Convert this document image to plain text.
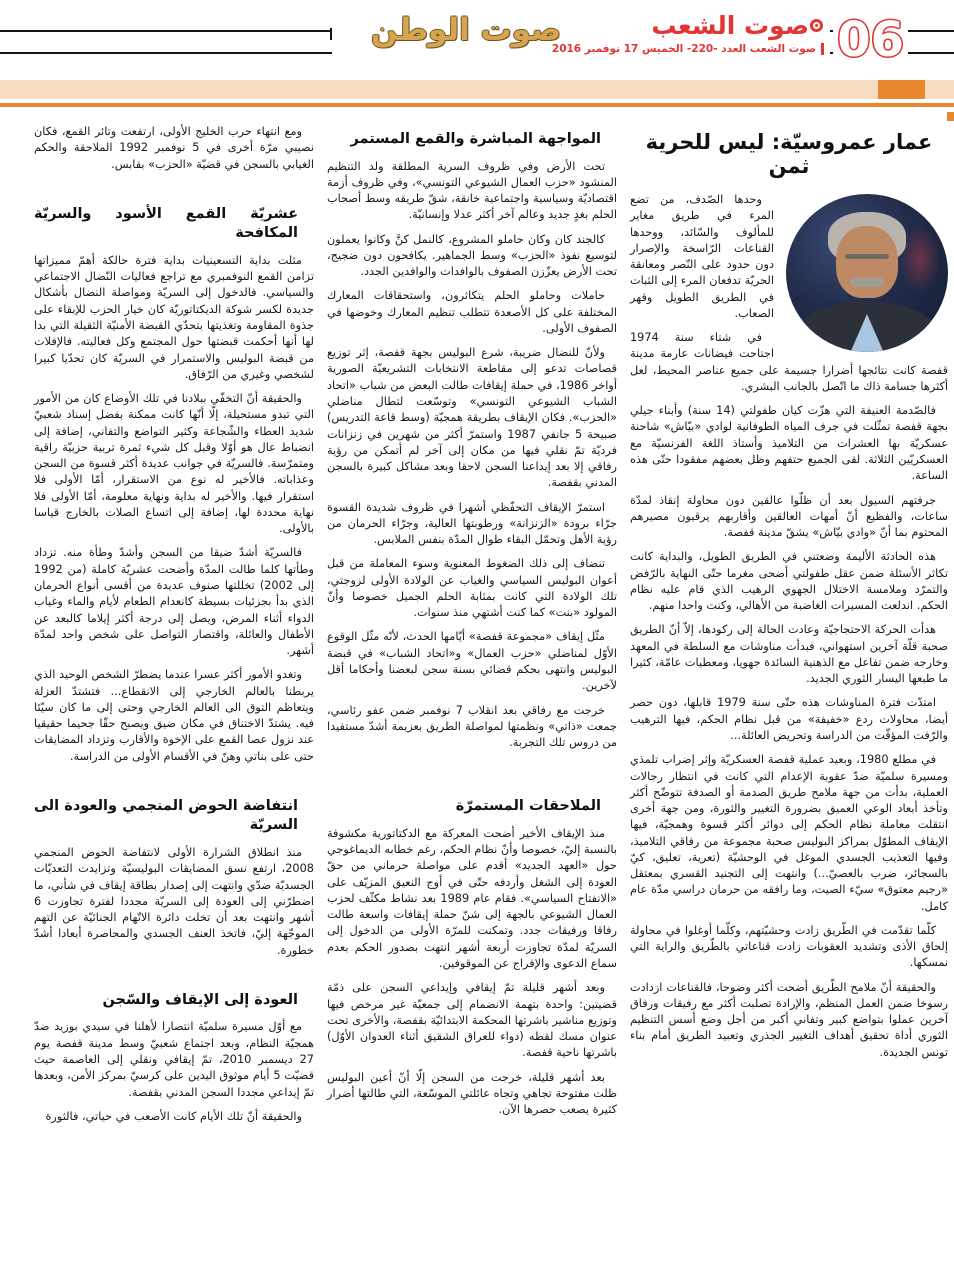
صوت الوطن	صوت الشعب
صوت الشعب العدد -220- الخميس 17 نوفمبر 2016 06
عمار عمروسيّة: ليس للحرية ثمن

وحدها الصّدف، من تضع المرء في طريق مغاير للمألوف والسّائد، ووحدها القناعات الرّاسخة والإصرار دون حدود على النّصر ومعانقة الحريّة تدفعان المرء إلى الثبات في الطريق الطويل وقهر الصعاب.

في شتاء سنة 1974 اجتاحت فيضانات عارمة مدينة قفصة كانت نتائجها أضرارا جسيمة على جميع عناصر المحيط، لعل أكثرها جسامة ذاك ما اتّصل بالجانب البشري.

فالصّدمة العنيفة التي هزّت كيان طفولتي (14 سنة) وأبناء جيلي بجهة قفصة تمثّلت في جرف المياه الطوفانية لوادي «بيّاش» شاحنة عسكريّة بها العشرات من التلاميذ وأستاذ اللغة الفرنسيّة مع العسكريّين الثلاثة. لقى الجميع حتفهم وظل بعضهم مفقودا حتّى هذه الساعة.

جرفتهم السيول بعد أن ظلّوا عالقين دون محاولة إنقاذ لمدّة ساعات، والفظيع أنّ أمهات العالقين وأقاربهم يرقبون مصيرهم المحتوم بما أنّ «وادي بيّاش» يشقّ مدينة قفصة.

هذه الحادثة الأليمة وضعتني في الطريق الطويل، والبداية كانت تكاثر الأسئلة ضمن عقل طفولتي أضحى مغرما حتّى النهاية بالرّفض والتمرّد وملامسة الاختلال الجهوي الرهيب الذي قام عليه نظام الحكم. اندلعت المسيرات الغاضبة من الأهالي، وكنت واحدا منهم.

هدأت الحركة الاحتجاجيّة وعادت الحالة إلى ركودها، إلاّ أنّ الطريق صحبة قلّة آخرين استهواني، فبدأت مناوشات مع السلطة في المعهد وخارجه ضمن تفاعل مع الذهنية السائدة جهويا، ومعطيات عامّة، كثيرا ما طبعها اليسار الثوري الجديد.

امتدّت فترة المناوشات هذه حتّى سنة 1979 قابلها، دون حصر أيضا، محاولات ردع «خفيفة» من قبل نظام الحكم، فيها الترهيب والرّفت المؤقّت من الدراسة وتحريض العائلة...

في مطلع 1980، وبعيد عملية قفصة العسكريّة وإثر إضراب تلمذي ومسيرة سلميّة ضدّ عقوبة الإعدام التي كانت في انتظار رجالات العملية، بدأت من جهة ملامح طريق الصدمة أو الصدفة تتوضّح أكثر وتأخذ أبعاد الوعي العميق بضرورة التغيير والثورة، ومن جهة أخرى انتقلت معاملة نظام الحكم إلى دوائر أكثر قسوة وهمجيّة، فيها الإيقاف المطوّل بمراكز البوليس صحبة مجموعة من رفاقي التلاميذ، وفيها التعذيب الجسدي الموغل في الوحشيّة (تعرية، تعليق، كيّ بالسجائر، ضرب بالعصيّ...) وانتهت إلى التجنيد القسري بمعتقل «رجيم معتوق» سيّء الصيت، وما رافقه من حرمان دراسي مدّة عام كامل.

كلّما تقدّمت في الطّريق زادت وحشيّتهم، وكلّما أوغلوا في محاولة إلحاق الأذى وتشديد العقوبات زادت قناعاتي بالطّريق والراية التي نمسكها.

والحقيقة أنّ ملامح الطّريق أضحت أكثر وضوحا، فالقناعات ازدادت رسوخا ضمن العمل المنظم، والإرادة تصلبت أكثر مع رفيقات ورفاق آخرين عملوا بتواضع كبير وتفاني أكبر من أجل وضع أسس التنظيم الثوري أداة تحقيق أهداف التغيير الجذري وتعبيد الطريق أمام بناء تونس الجديدة.

المواجهة المباشرة والقمع المستمر

تحت الأرض وفي ظروف السرية المطلقة ولد التنظيم المنشود «حزب العمال الشيوعي التونسي»، وفي ظروف أزمة اقتصاديّة وسياسية واجتماعية خانقة، شقّ طريقه وسط أصحاب الحلم بغدٍ جديد وعالم آخر أكثر عدلا وإنسانيّة.

كالجند كان وكان حاملو المشروع، كالنمل كنَّ وكانوا يعملون لتوسيع نفوذ «الحزب» وسط الجماهير. يكافحون دون ضجيج، تحت الأرض يعزّزن الصفوف بالوافدات والوافدين الجدد.

حاملات وحاملو الحلم يتكاثرون، واستحقاقات المعارك المختلفة على كل الأصعدة تتطلب تنظيم المعارك وخوضها في الصفوف الأولى.

ولأنّ للنضال ضريبة، شرع البوليس بجهة قفصة، إثر توزيع قصاصات تدعو إلى مقاطعة الانتخابات التشريعيّة الصورية أواخر 1986، في حملة إيقافات طالت البعض من شباب «اتحاد الشباب الشيوعي التونسي» وتوسّعت لتطال مناضلي «الحزب». فكان الإيقاف بطريقة همجيّة (وسط قاعة التدريس) صبيحة 5 جانفي 1987 واستمرّ أكثر من شهرين في زنزانات فرديّة تمّ نقلي فيها من مكان إلى آخر لم أتمكن من رؤية رفاقي إلا بعد إيداعنا السجن لاحقا وبعد مشاكل كبيرة بالسجن المدني بقفصة.

استمرّ الإيقاف التحفّظي أشهرا في ظروف شديدة القسوة جرّاء برودة «الزنزانة» ورطوبتها العالية، وجرّاء الحرمان من رؤية الأهل وتحمّل البقاء طوال المدّة بنفس الملابس.

تنضاف إلى ذلك الضغوط المعنوية وسوء المعاملة من قبل أعوان البوليس السياسي والغياب عن الولادة الأولى لزوجتي، تلك الولادة التي كانت بمثابة الحلم الجميل خصوصا وأنّ المولود «بنت» كما كنت أشتهي منذ سنوات.

مثّل إيقاف «مجموعة قفصة» أيّامها الحدث، لأنّه مثّل الوقوع الأوّل لمناضلي «حزب العمال» و«اتحاد الشباب» في قبضة البوليس وانتهى بحكم قضائي بسنة سجن لبعضنا وأحكاما أقل لآخرين.

خرجت مع رفاقي بعد انقلاب 7 نوفمبر ضمن عفو رئاسي، جمعت «ذاتي» ونظمتها لمواصلة الطريق بعزيمة أشدّ مستفيدا من دروس تلك التجربة.

الملاحقات المستمرّة

منذ الإيقاف الأخير أضحت المعركة مع الدكتاتورية مكشوفة بالنسبة إليّ، خصوصا وأنّ نظام الحكم، رغم خطابه الديماغوجي حول «العهد الجديد» أقدم على مواصلة حرماني من حقّ العودة إلى الشغل وأردفه حتّى في أوج النعيق المزيّف على «الانفتاح السياسي». فقام عام 1989 بعد نشاط مكثّف لحزب العمال الشيوعي بالجهة إلى شنّ حملة إيقافات واسعة طالت رفاقا ورفيقات جدد. وتمكنت للمرّة الأولى من الدخول إلى السريّة لمدّة تجاوزت أربعة أشهر انتهت بصدور الحكم بعدم سماع الدعوى والإفراج عن الموقوفين.

وبعد أشهر قليلة تمّ إيقافي وإيداعي السجن على ذمّة قضيتين: واحدة بتهمة الانضمام إلى جمعيّة غير مرخص فيها وتوزيع مناشير باشرتها المحكمة الابتدائيّة بقفصة، والأخرى تحت عنوان مسك لقطه (دواء للعراق الشقيق أثناء العدوان الأوّل) باشرتها ناحية قفصة.

بعد أشهر قليلة، خرجت من السجن إلّا أنّ أعين البوليس ظلت مفتوحة تجاهي وتجاه عائلتي الموسّعة، التي طالتها أضرار كثيرة يصعب حصرها الآن.

ومع انتهاء حرب الخليج الأولى، ارتفعت وتائر القمع، فكان نصيبي مرّة أخرى في 5 نوفمبر 1992 الملاحقة والحكم الغيابي بالسجن في قضيّة «الحزب» بقابس.

عشريّة القمع الأسود والسريّة المكافحة

مثلت بداية التسعينيات بداية فترة حالكة أهمّ مميزاتها تزامن القمع النوفمبري مع تراجع فعاليات النّضال الاجتماعي والسياسي. فالدخول إلى السريّة ومواصلة النضال بأشكال جديدة لكسر شوكة الديكتاتوريّة كان خيار الحزب للإبقاء على جذوة المقاومة وتغذيتها بتحدّي القبضة الأمنيّة الثقيلة التي بدا لها أنها أحكمت قبضتها حول المجتمع وكل فعاليته. فالإفلات من قبضة البوليس والاستمرار في السريّة كان تحدّيا كبيرا لشخصي وغيري من الرّفاق.

والحقيقة أنّ التخفّي ببلادنا في تلك الأوضاع كان من الأمور التي تبدو مستحيلة، إلّا أنّها كانت ممكنة بفضل إسناد شعبيّ شديد العطاء والشّجاعة وكثير التواضع والتفاني، إضافة إلى انضباط عال هو أوّلا وقبل كل شيء ثمرة تربية حزبيّة راقية ومتمرّسة. فالسريّة في جوانب عديدة أكثر قسوة من السجن وعذاباته. فالأخير له نوع من الاستقرار، أمّا الأولى فلا استقرار فيها. والأخير له بداية ونهاية معلومة، أمّا الأولى فلا نهاية محددة لها، إضافة إلى اتساع الصلات بالخارج قياسا بالأولى.

فالسريّة أشدّ ضيقا من السجن وأشدّ وطأة منه. تزداد وطأتها كلما طالت المدّة وأضحت عشريّة كاملة (من 1992 إلى 2002) تخللتها صنوف عديدة من أقسى أنواع الحرمان الذي بدأ بجزئيات بسيطة كانعدام الطعام لأيام والماء وغياب الدواء أثناء المرض، ويصل إلى درجة أكثر إيلاما كالبعد عن الأطفال والعائلة، واقتصار التواصل على شخص واحد لمدّة أشهر.

وتغدو الأمور أكثر عسرا عندما يضطرّ الشخص الوحيد الذي يربطنا بالعالم الخارجي إلى الانقطاع... فتشتدّ العزلة ويتعاظم التوق الى العالم الخارجي وحتى إلى ما كان سيّئا فيه. يشتدّ الاختناق في مكان ضيق ويصبح حقّا جحيما حقيقيا عند نزول عصا القمع على الإخوة والأقارب وتزداد المضايقات حتى على بناتي وهنّ في الأقسام الأولى من الدراسة.

انتفاضة الحوض المنجمي والعودة الى السريّة

منذ انطلاق الشرارة الأولى لانتفاضة الحوض المنجمي 2008، ارتفع نسق المضايقات البوليسيّة وتزايدت التعديّات الجسديّة ضدّي وانتهت إلى إصدار بطاقة إيقاف في شأني، ما اضطرّني إلى العودة إلى السريّة مجددا لفترة تجاوزت 6 أشهر وانتهت بعد أن تخلت دائرة الاتّهام الجنائيّة عن التهم الموجّهة إليّ، فاتخذ العنف الجسدي والمحاصرة أبعادا أشدّ خطورة.

العودة إلى الإيقاف والسّجن

مع أوّل مسيرة سلميّة انتصارا لأهلنا في سيدي بوزيد ضدّ همجيّة النظام، وبعد اجتماع شعبيّ وسط مدينة قفصة يوم 27 ديسمبر 2010، تمّ إيقافي ونقلي إلى العاصمة حيث قضيّت 5 أيام موثوق اليدين على كرسيّ بمركز الأمن، وبعدها تمّ إيداعي مجددا السجن المدني بقفصة.

والحقيقة أنّ تلك الأيام كانت الأصعب في حياتي، فالثورة
